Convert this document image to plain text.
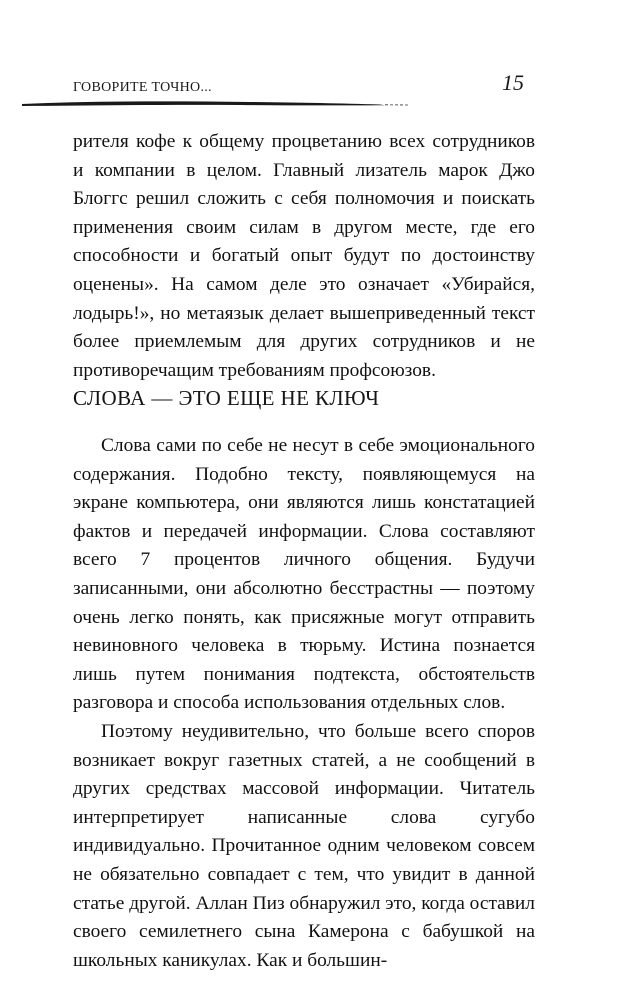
ГОВОРИТЕ ТОЧНО...	15

рителя кофе к общему процветанию всех сотрудников и компании в целом. Главный лизатель марок Джо Блоггс решил сложить с себя полномочия и поискать применения своим силам в другом месте, где его способности и богатый опыт будут по достоинству оценены». На самом деле это означает «Убирайся, лодырь!», но метаязык делает вышеприведенный текст более приемлемым для других сотрудников и не противоречащим требованиям профсоюзов.

СЛОВА — ЭТО ЕЩЕ НЕ КЛЮЧ

Слова сами по себе не несут в себе эмоционального содержания. Подобно тексту, появляющемуся на экране компьютера, они являются лишь констатацией фактов и передачей информации. Слова составляют всего 7 процентов личного общения. Будучи записанными, они абсолютно бесстрастны — поэтому очень легко понять, как присяжные могут отправить невиновного человека в тюрьму. Истина познается лишь путем понимания подтекста, обстоятельств разговора и способа использования отдельных слов.

Поэтому неудивительно, что больше всего споров возникает вокруг газетных статей, а не сообщений в других средствах массовой информации. Читатель интерпретирует написанные слова сугубо индивидуально. Прочитанное одним человеком совсем не обязательно совпадает с тем, что увидит в данной статье другой. Аллан Пиз обнаружил это, когда оставил своего семилетнего сына Камерона с бабушкой на школьных каникулах. Как и большин-
